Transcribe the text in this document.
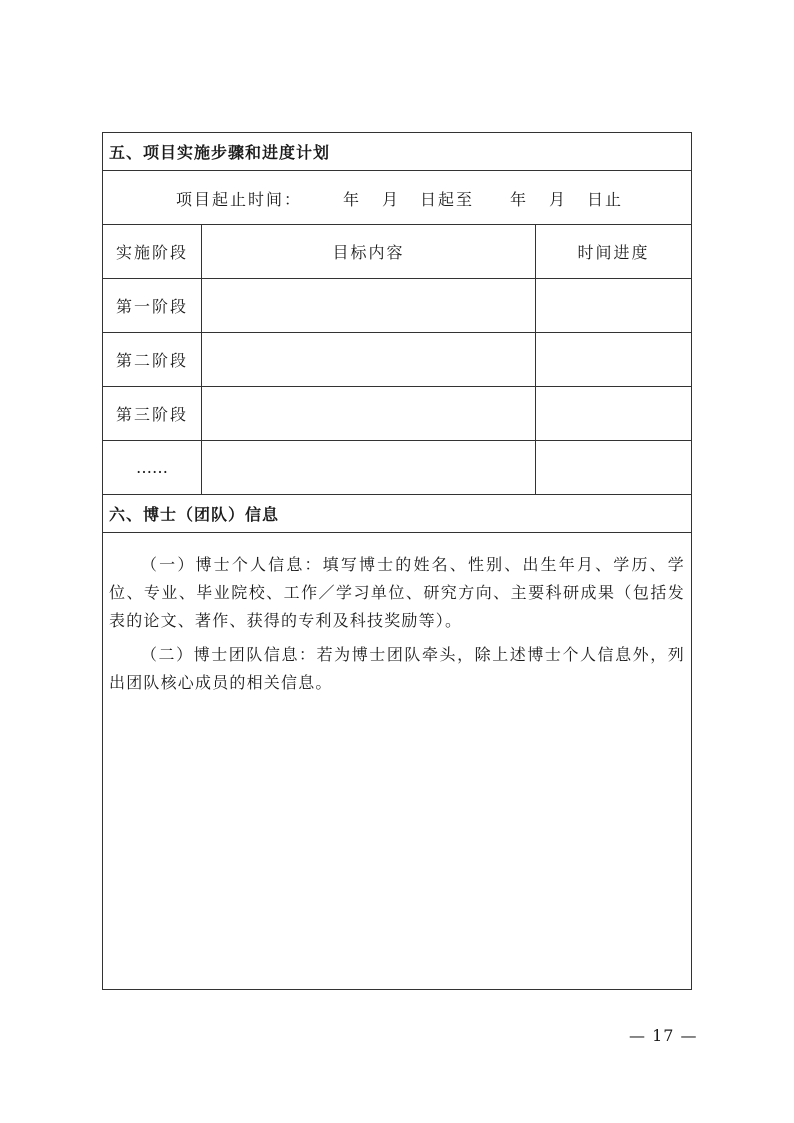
五、项目实施步骤和进度计划
项目起止时间：	年 月 日起至 年 月 日止
实施阶段	目标内容	时间进度
第一阶段
第二阶段
第三阶段
……
六、博士（团队）信息

（一）博士个人信息：填写博士的姓名、性别、出生年月、学历、学位、专业、毕业院校、工作／学习单位、研究方向、主要科研成果（包括发表的论文、著作、获得的专利及科技奖励等）。

（二）博士团队信息：若为博士团队牵头，除上述博士个人信息外，列出团队核心成员的相关信息。

— 17 —
